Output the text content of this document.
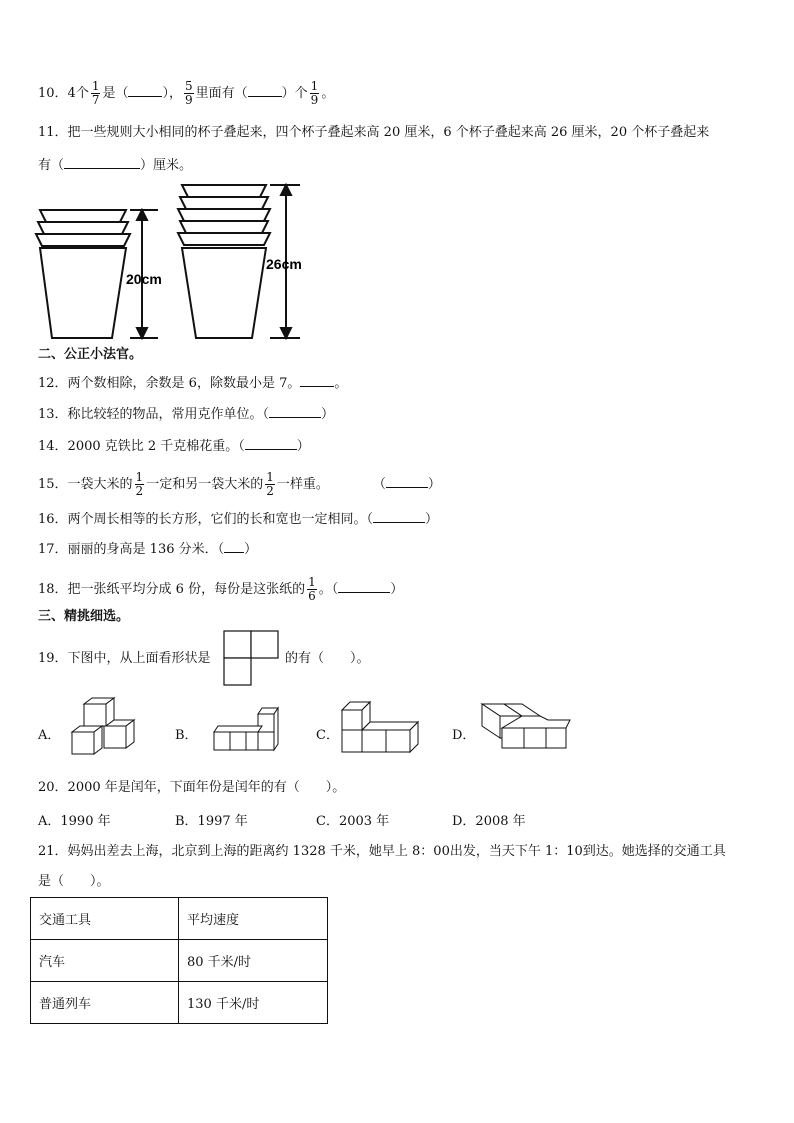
10．4个 $\frac{1}{7}$ 是（	）， $\frac{5}{9}$ 里面有（	）个 $\frac{1}{9}$ 。
11．把一些规则大小相同的杯子叠起来，四个杯子叠起来高 20 厘米，6 个杯子叠起来高 26 厘米，20 个杯子叠起来
有（	）厘米。
20cm
26cm
二、公正小法官。
12．两个数相除，余数是 6，除数最小是 7。	。
13．称比较轻的物品，常用克作单位。（	）
14．2000 克铁比 2 千克棉花重。（	）
15．一袋大米的 $\frac{1}{2}$ 一定和另一袋大米的 $\frac{1}{2}$ 一样重。	（	）
16．两个周长相等的长方形，它们的长和宽也一定相同。（	）
17．丽丽的身高是 136 分米．（ ）
18．把一张纸平均分成 6 份，每份是这张纸的 $\frac{1}{6}$ 。（	）
三、精挑细选。
19．下图中，从上面看形状是	的有（　　）。
A．	B．	C．	D．
20．2000 年是闰年，下面年份是闰年的有（　　）。
A．1990 年	B．1997 年	C．2003 年	D．2008 年
21．妈妈出差去上海，北京到上海的距离约 1328 千米，她早上 8：00出发，当天下午 1：10到达。她选择的交通工具
是（　　）。
交通工具	平均速度
汽车	80 千米/时
普通列车	130 千米/时
